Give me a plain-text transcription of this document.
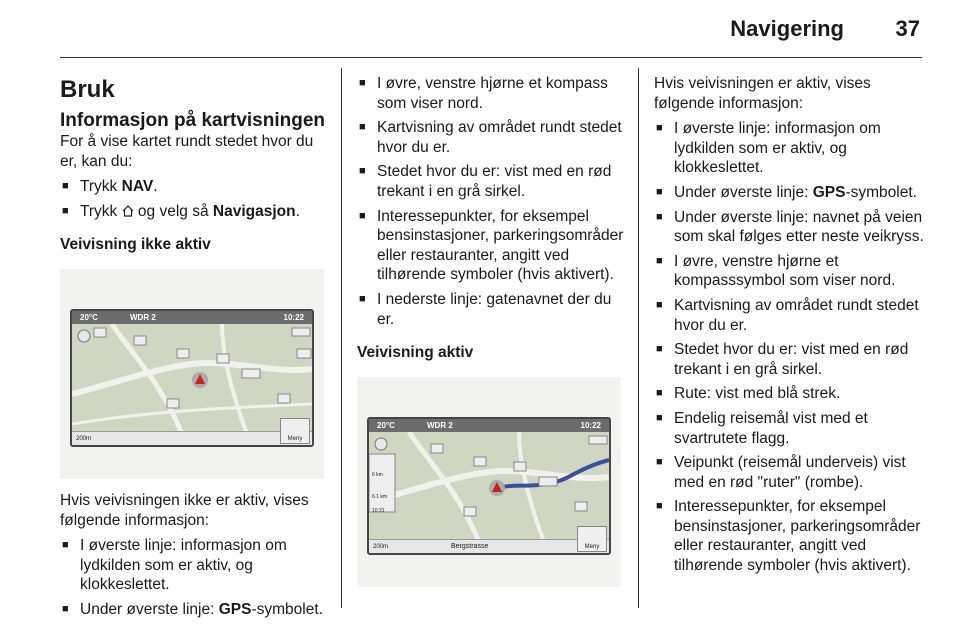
Navigering 37
Bruk
Informasjon på kartvisningen
For å vise kartet rundt stedet hvor du er, kan du:
■ Trykk NAV.
■ Trykk  og velg så Navigasjon.
Veivisning ikke aktiv
20°C	WDR 2	10:22
200m	Meny
Hvis veivisningen ikke er aktiv, vises følgende informasjon:
■ I øverste linje: informasjon om lydkilden som er aktiv, og klokkeslettet.
■ Under øverste linje: GPS-symbolet.
■ I øvre, venstre hjørne et kompass som viser nord.
■ Kartvisning av området rundt stedet hvor du er.
■ Stedet hvor du er: vist med en rød trekant i en grå sirkel.
■ Interessepunkter, for eksempel bensinstasjoner, parkeringsområder eller restauranter, angitt ved tilhørende symboler (hvis aktivert).
■ I nederste linje: gatenavnet der du er.
Veivisning aktiv
20°C	WDR 2	10:22
6 km
6.1 km
10:31
200m	Bergstrasse	Meny
Hvis veivisningen er aktiv, vises følgende informasjon:
■ I øverste linje: informasjon om lydkilden som er aktiv, og klokkeslettet.
■ Under øverste linje: GPS-symbolet.
■ Under øverste linje: navnet på veien som skal følges etter neste veikryss.
■ I øvre, venstre hjørne et kompasssymbol som viser nord.
■ Kartvisning av området rundt stedet hvor du er.
■ Stedet hvor du er: vist med en rød trekant i en grå sirkel.
■ Rute: vist med blå strek.
■ Endelig reisemål vist med et svartrutete flagg.
■ Veipunkt (reisemål underveis) vist med en rød "ruter" (rombe).
■ Interessepunkter, for eksempel bensinstasjoner, parkeringsområder eller restauranter, angitt ved tilhørende symboler (hvis aktivert).
